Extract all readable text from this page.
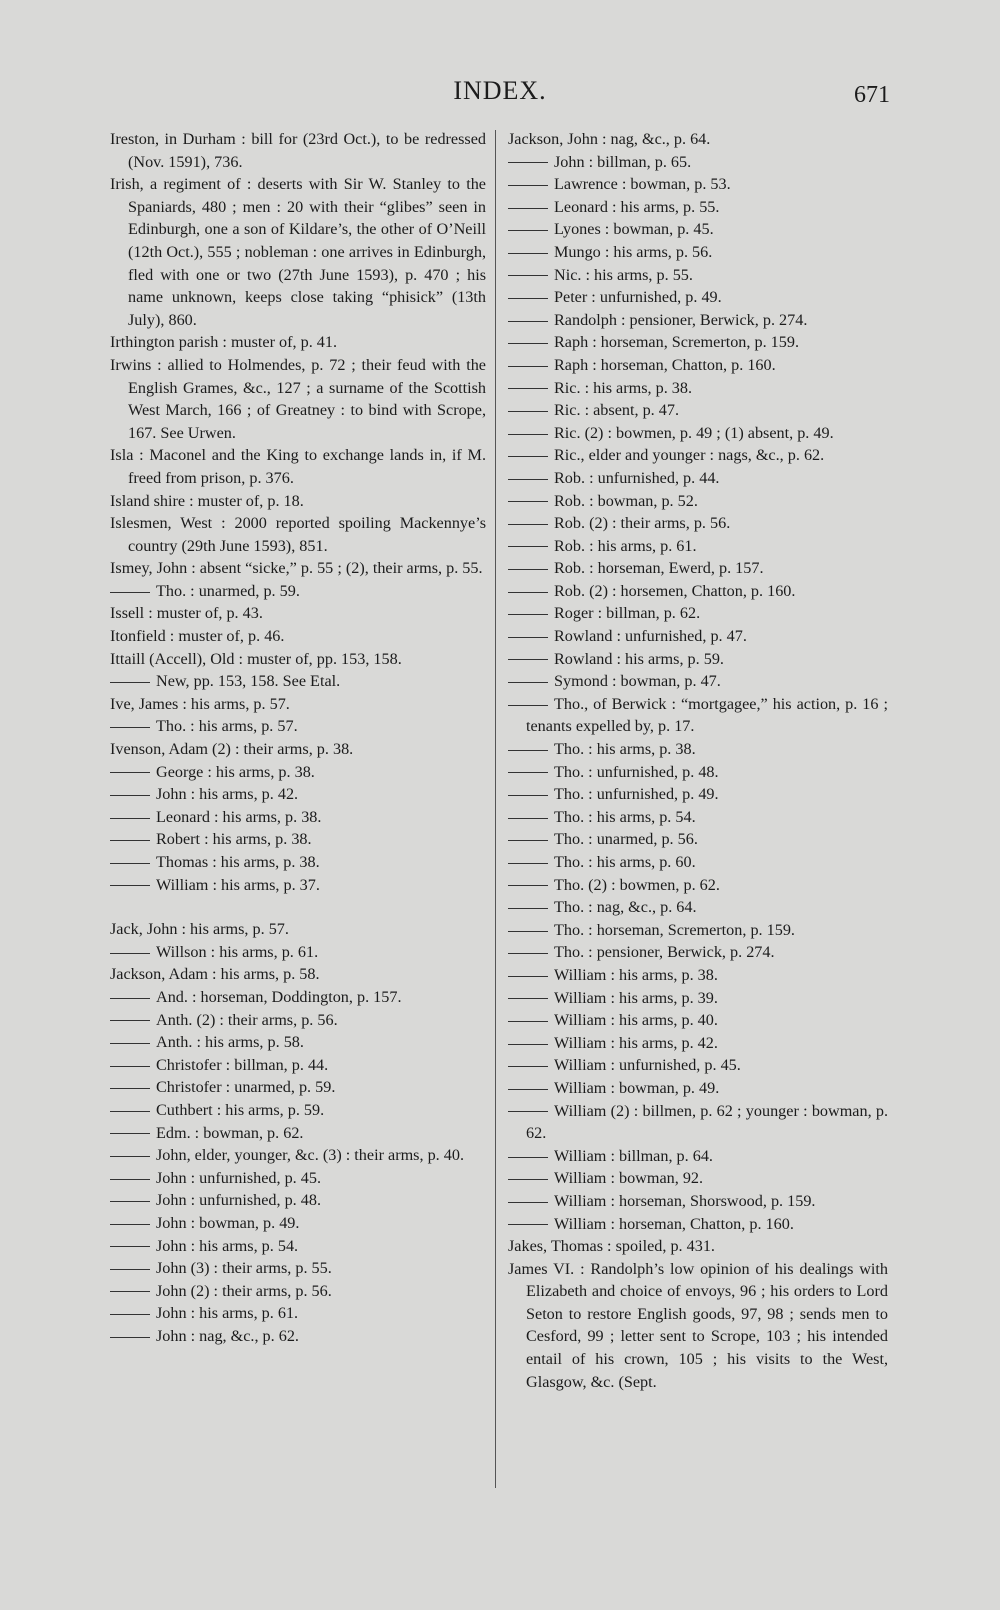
INDEX.	671
Ireston, in Durham : bill for (23rd Oct.), to be redressed (Nov. 1591), 736.
Irish, a regiment of : deserts with Sir W. Stanley to the Spaniards, 480 ; men : 20 with their “glibes” seen in Edinburgh, one a son of Kildare’s, the other of O’Neill (12th Oct.), 555 ; nobleman : one arrives in Edinburgh, fled with one or two (27th June 1593), p. 470 ; his name unknown, keeps close taking “phisick” (13th July), 860.
Irthington parish : muster of, p. 41.
Irwins : allied to Holmendes, p. 72 ; their feud with the English Grames, &c., 127 ; a surname of the Scottish West March, 166 ; of Greatney : to bind with Scrope, 167. See Urwen.
Isla : Maconel and the King to exchange lands in, if M. freed from prison, p. 376.
Island shire : muster of, p. 18.
Islesmen, West : 2000 reported spoiling Mackennye’s country (29th June 1593), 851.
Ismey, John : absent “sicke,” p. 55 ; (2), their arms, p. 55.
Tho. : unarmed, p. 59.
Issell : muster of, p. 43.
Itonfield : muster of, p. 46.
Ittaill (Accell), Old : muster of, pp. 153, 158.
New, pp. 153, 158. See Etal.
Ive, James : his arms, p. 57.
Tho. : his arms, p. 57.
Ivenson, Adam (2) : their arms, p. 38.
George : his arms, p. 38.
John : his arms, p. 42.
Leonard : his arms, p. 38.
Robert : his arms, p. 38.
Thomas : his arms, p. 38.
William : his arms, p. 37.
Jack, John : his arms, p. 57.
Willson : his arms, p. 61.
Jackson, Adam : his arms, p. 58.
And. : horseman, Doddington, p. 157.
Anth. (2) : their arms, p. 56.
Anth. : his arms, p. 58.
Christofer : billman, p. 44.
Christofer : unarmed, p. 59.
Cuthbert : his arms, p. 59.
Edm. : bowman, p. 62.
John, elder, younger, &c. (3) : their arms, p. 40.
John : unfurnished, p. 45.
John : unfurnished, p. 48.
John : bowman, p. 49.
John : his arms, p. 54.
John (3) : their arms, p. 55.
John (2) : their arms, p. 56.
John : his arms, p. 61.
John : nag, &c., p. 62.
Jackson, John : nag, &c., p. 64.
John : billman, p. 65.
Lawrence : bowman, p. 53.
Leonard : his arms, p. 55.
Lyones : bowman, p. 45.
Mungo : his arms, p. 56.
Nic. : his arms, p. 55.
Peter : unfurnished, p. 49.
Randolph : pensioner, Berwick, p. 274.
Raph : horseman, Scremerton, p. 159.
Raph : horseman, Chatton, p. 160.
Ric. : his arms, p. 38.
Ric. : absent, p. 47.
Ric. (2) : bowmen, p. 49 ; (1) absent, p. 49.
Ric., elder and younger : nags, &c., p. 62.
Rob. : unfurnished, p. 44.
Rob. : bowman, p. 52.
Rob. (2) : their arms, p. 56.
Rob. : his arms, p. 61.
Rob. : horseman, Ewerd, p. 157.
Rob. (2) : horsemen, Chatton, p. 160.
Roger : billman, p. 62.
Rowland : unfurnished, p. 47.
Rowland : his arms, p. 59.
Symond : bowman, p. 47.
Tho., of Berwick : “mortgagee,” his action, p. 16 ; tenants expelled by, p. 17.
Tho. : his arms, p. 38.
Tho. : unfurnished, p. 48.
Tho. : unfurnished, p. 49.
Tho. : his arms, p. 54.
Tho. : unarmed, p. 56.
Tho. : his arms, p. 60.
Tho. (2) : bowmen, p. 62.
Tho. : nag, &c., p. 64.
Tho. : horseman, Scremerton, p. 159.
Tho. : pensioner, Berwick, p. 274.
William : his arms, p. 38.
William : his arms, p. 39.
William : his arms, p. 40.
William : his arms, p. 42.
William : unfurnished, p. 45.
William : bowman, p. 49.
William (2) : billmen, p. 62 ; younger : bowman, p. 62.
William : billman, p. 64.
William : bowman, 92.
William : horseman, Shorswood, p. 159.
William : horseman, Chatton, p. 160.
Jakes, Thomas : spoiled, p. 431.
James VI. : Randolph’s low opinion of his dealings with Elizabeth and choice of envoys, 96 ; his orders to Lord Seton to restore English goods, 97, 98 ; sends men to Cesford, 99 ; letter sent to Scrope, 103 ; his intended entail of his crown, 105 ; his visits to the West, Glasgow, &c. (Sept.
